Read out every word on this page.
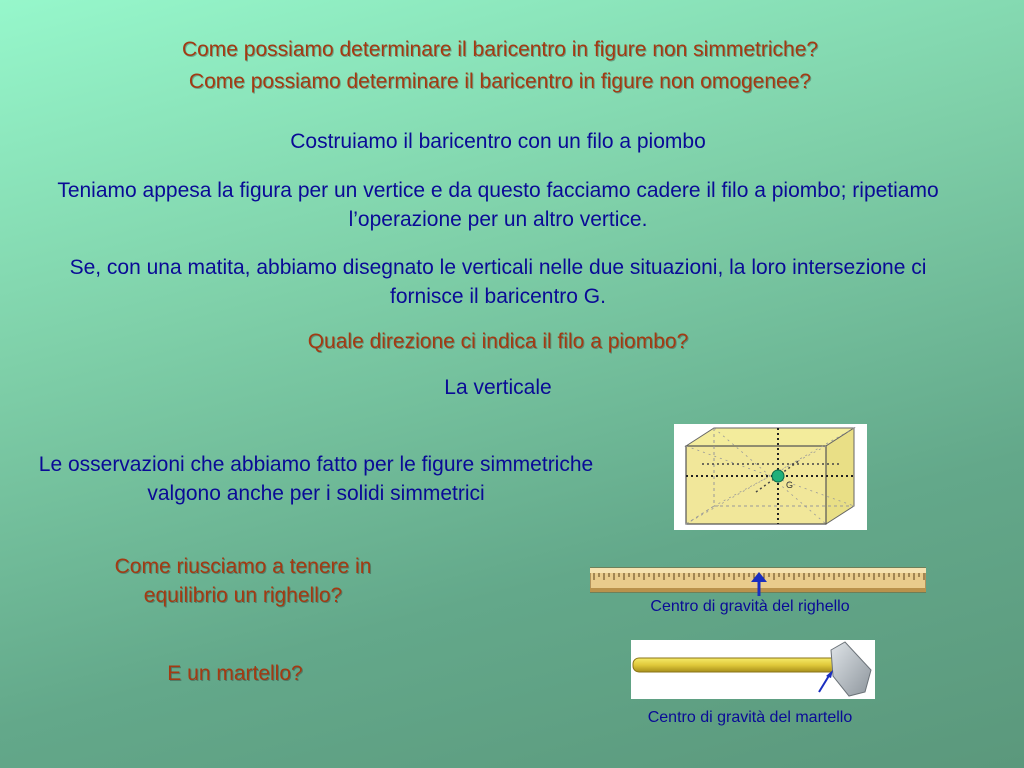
Come possiamo determinare il baricentro in figure non simmetriche?

Come possiamo determinare il baricentro in figure non omogenee?

Costruiamo il baricentro con un filo a piombo

Teniamo appesa la figura per un vertice e da questo facciamo cadere il filo a piombo; ripetiamo l’operazione per un altro vertice.

Se, con una matita, abbiamo disegnato le verticali nelle due situazioni, la loro intersezione ci fornisce il baricentro G.

Quale direzione ci indica il filo a piombo?

La verticale

Le osservazioni che abbiamo fatto per le figure simmetriche valgono anche per i solidi simmetrici	G

Come riusciamo a tenere in equilibrio un righello?	Centro di gravità del righello

E un martello?

Centro di gravità del martello
